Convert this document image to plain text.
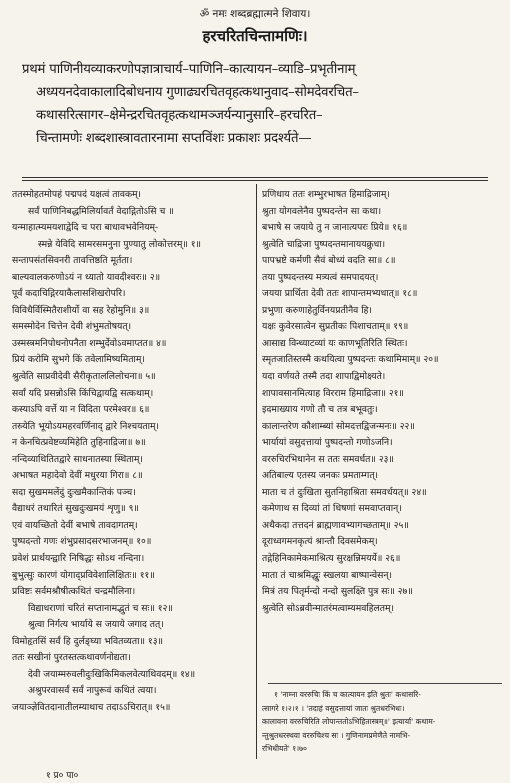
ॐ नमः शब्दब्रह्मात्मने शिवाय।
हरचरितचिन्तामणिः।
प्रथमं पाणिनीयव्याकरणोपज्ञात्राचार्य–पाणिनि–कात्यायन–व्याडि–प्रभृतीनाम्
अध्ययनदेवाकालादिबोधनाय गुणाढ्यरचितवृहत्कथानुवाद–सोमदेवरचित–
कथासरित्सागर–क्षेमेन्द्ररचितवृहत्कथामञ्जर्यन्यानुसारि–हरचरित–
चिन्तामणेः शब्दशास्त्रावतारनामा सप्तविंशः प्रकाशः प्रदर्श्यते—
ततस्मोहतमोपहं पद्मपदं यक्षत्वं तावकम्।
सर्वं पाणिनिबद्धमिलिर्यावर्तं वेदाद्गितोऽसि च ॥
यन्माहात्म्यमयशाद्वेदि च परा बाधावभवेनियम्-
स्मन्ने येविदि सामरसमनुना पुण्यातु लोकोत्तरम्॥ १॥
सन्तापसंतसिवनरी तावत्तिष्ठति मूर्तता।
बाल्यवालकरुणोऽयं न ध्यातो यावदीश्वरः॥ २॥
पूर्वं कदाचिद्गिरयाकैलासशिखरोपरि।
विविधैर्विस्मितैराशीर्यो वा सह रेहोमुनि॥ ३॥
समस्मोदेन चित्तेन देवी शंभुमतोषयत्।
उस्मस्त्रमनिपोधनोपनैता शम्भुर्देवोऽवमाप्तत॥ ४॥
प्रियं करोमि सुभगे किं तवेलामिष्यमिताम्।
श्रुत्वेति साप्रवीदेवी सैरीकृताललिलोचना॥ ५॥
सर्वां यदि प्रसन्नोऽसि किंचिद्वायद्वि सत्कथाम्।
कस्याऽपि वर्त्ते या न विदिता परमेश्वर॥ ६॥
तस्र्येति भूयोऽयमहरवर्णिनाद् द्वारे निश्चयताम्।
न केनचित्प्रवेष्टव्यमिहेति तुहिनाद्रिजा॥ ७॥
नन्दिव्याथितितद्वारे साधनातस्या स्थिताम्।
अभाषत महादेवो देवीं मधुरया गिरा॥ ८॥
सदा सुखममलेंदुं दुःखमैकान्तिकं पञ्च।
वैद्याधरं तथारितं सुखदुःखमयं शृणु॥ ९॥
एवं वायच्छितो देवीं बभाषे तावदागतम्।
पुष्पदन्तो गणः शंभुप्रसादसरभाजनम्॥ १०॥
प्रवेशं प्रार्थयन्द्वारि निषिद्धः सोऽथ नन्दिना।
बुभुत्सुः कारणं योगाद्प्रविवेशालिक्षितः॥ ११॥
प्रविष्टः सर्वमश्रौषीत्कथितं चन्द्रमौलिना।
विद्याधराणां चरितं सप्तानामद्भुतं च सः॥ १२॥
श्रुत्वा निर्गत्य भार्याये स जयाये जगाद तत्।
विमोहृतसिं सर्वं हि दुर्लङ्घ्या भवितव्यता॥ १३॥
ततः सखीनां पुरतस्तत्कथावर्णनोद्यता।
देवी जयाम्मरुवलीदुःखिकिमिकलवेत्याथिवदम्॥ १४॥
अश्रुपरवासर्वं सर्वं ना‌पुरूवं कथितं त्वया।
जयाञ्ज्ञेवितदानातीलम्याथाच तदाऽऽचिरात्॥ १५॥
प्रणिधाय ततः शम्भुरभाषत हिमाद्रिजाम्।
श्रुता योगवलेनैव पुष्पदन्तेन सा कथा।
बभाषे स जयाये तु न जानात्यपरः प्रिये॥ १६॥
श्रुत्वेति चाद्रिजा पुष्पदन्तमानाययक्रुधा।
पापभ्रष्टे कर्मणी सैवं बोध्यं वदति सा॥ ८॥
तया पुष्पदन्तस्य मत्र्यत्वं समपादयत्।
जयया प्रार्थिता देवी ततः शापान्तमभ्यधात्॥ १८॥
प्रभुणा करुणाहेतुर्विनयप्रतीनैव हि।
यक्षः कुवेरसात्वेन सुप्रतीकः पिशाचताम्॥ १९॥
आसाद्य विन्ध्याटव्यां यः काणभूतिरिति स्थितः।
स्मृतजातिस्तस्मै कथयित्वा पुष्पदन्तः कथामिमाम्॥ २०॥
यदा वर्णयते तस्मै तदा शापाद्विमोक्ष्यते।
शापावसानमित्याह विरराम हिमाद्रिजा॥ २१॥
इदमाख्याय गणो तौ च तत्र बभूवतुः।
कालान्तरेण कौशाम्ब्यां सोमदत्तद्विजन्मनः॥ २२॥
भार्यायां वसुदत्तायां पुष्पदन्तो गणोऽजनि।
वररुचिरभिधानेन स ततः समवर्धत॥ २३॥
अतिबाल्य एतस्य जनकः प्रमताम्गत्।
माता च तं दुःखिता सुतनिहाश्रिता समवर्धयत्॥ २४॥
कमेणाथ स दिव्यां तां धिषणां समवाप्तवान्।
अथैकदा तत्तदनं ब्राह्मणावभ्यागच्छताम्॥ २५॥
दूराध्वगमनकृत्यं श्रान्तौ दिवसमेकम्।
तद्गेहिनिकामेकमाश्रित्य सुरक्षन्निमयर्ये॥ २६॥
माता तं चाश्रमिद्धुः स्खलया बाष्पान्वेसन्।
मित्रं तय पितृर्मन्दो नन्दो सुलक्ष्ति पुत्र सः॥ २७॥
श्रुत्वेति सोऽब्रवीन्मातरंमत्वाम्यमवहिलतम्।
१ 'नाम्ना वररुचिः किं च कात्यायन इति श्रुतः' कथासरि-
त्सागरे १।२।१ । 'तदाहं वसुदत्तायां जातः श्रुतधरभिधः।
कालावना वररुचिरिति लोपान्ततोऽभिहितास्त्रम्॥' इत्यार्या' कथाम-
न्तुश्रुतधरस्थवा वररुचिश्च सः । गुणिनामप्रमेणैते नामभि-
रभिधीयते' १।७०
१ प्र० पा०
